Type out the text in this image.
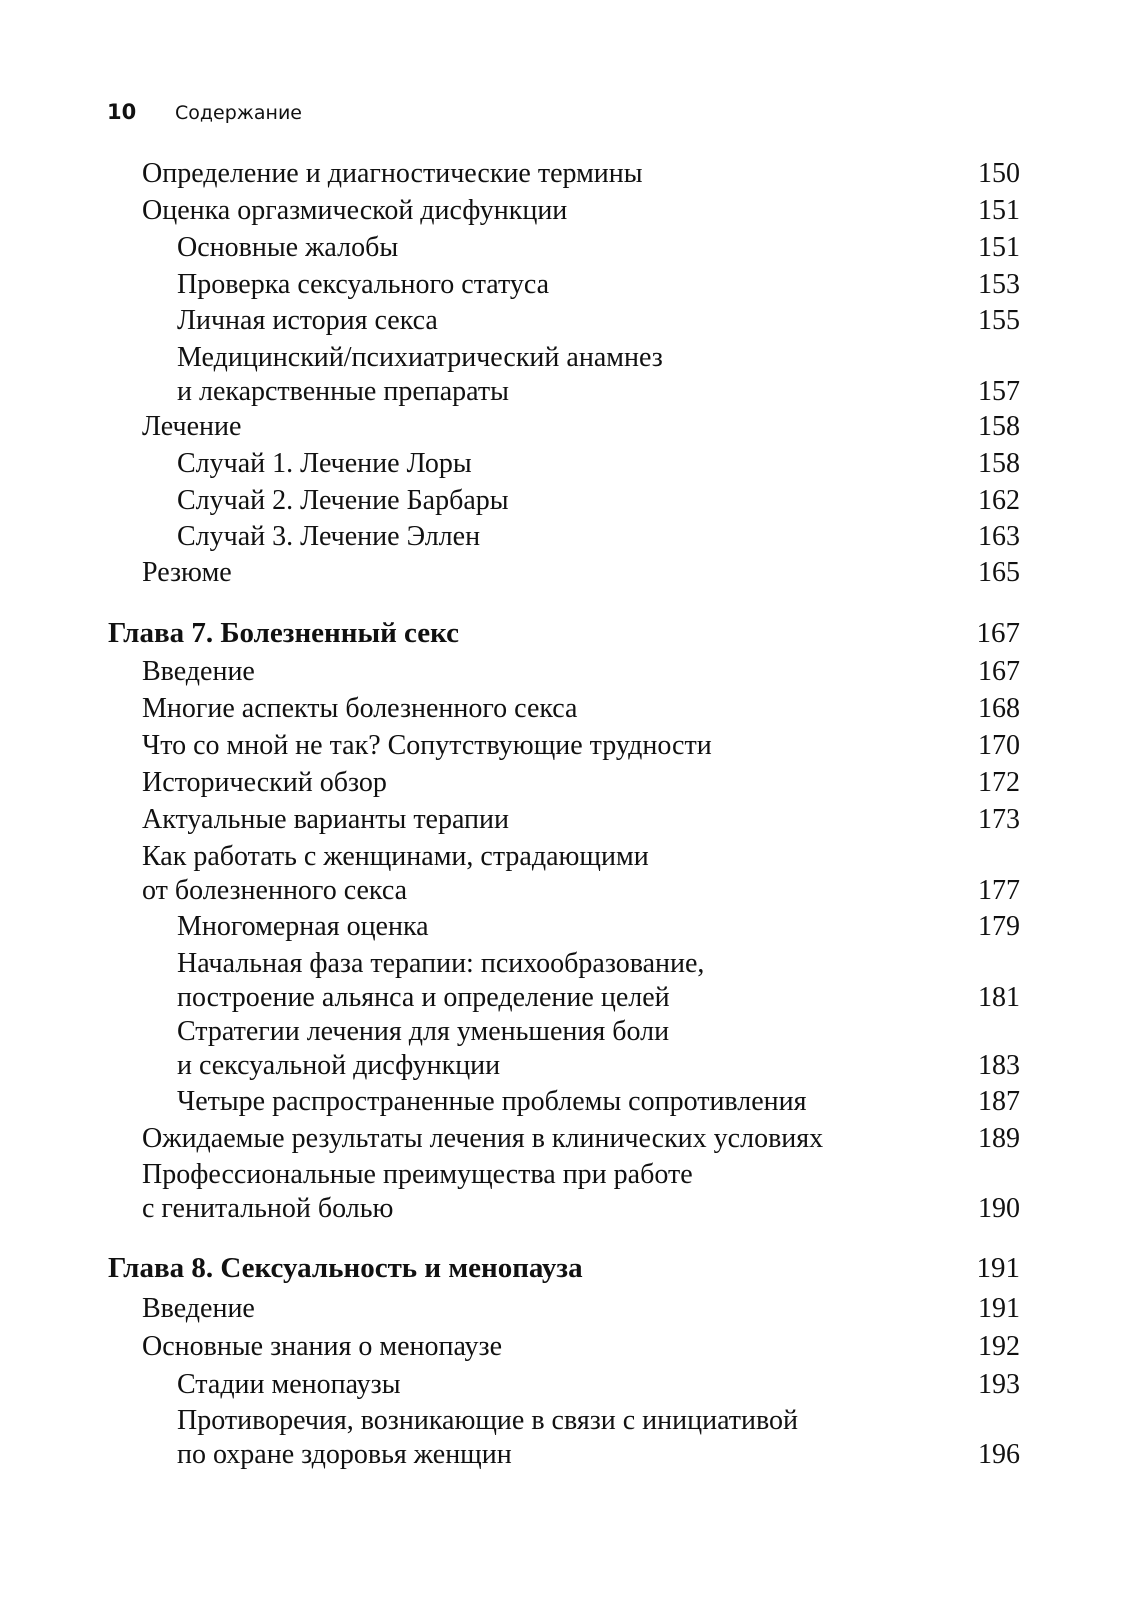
10	Содержание
Определение и диагностические термины	150
Оценка оргазмической дисфункции	151
Основные жалобы	151
Проверка сексуального статуса	153
Личная история секса	155
Медицинский/психиатрический анамнез
и лекарственные препараты	157
Лечение	158
Случай 1. Лечение Лоры	158
Случай 2. Лечение Барбары	162
Случай 3. Лечение Эллен	163
Резюме	165
Глава 7. Болезненный секс	167
Введение	167
Многие аспекты болезненного секса	168
Что со мной не так? Сопутствующие трудности	170
Исторический обзор	172
Актуальные варианты терапии	173
Как работать с женщинами, страдающими
от болезненного секса	177
Многомерная оценка	179
Начальная фаза терапии: психообразование,
построение альянса и определение целей	181
Стратегии лечения для уменьшения боли
и сексуальной дисфункции	183
Четыре распространенные проблемы сопротивления	187
Ожидаемые результаты лечения в клинических условиях	189
Профессиональные преимущества при работе
с генитальной болью	190
Глава 8. Сексуальность и менопауза	191
Введение	191
Основные знания о менопаузе	192
Стадии менопаузы	193
Противоречия, возникающие в связи с инициативой
по охране здоровья женщин	196
